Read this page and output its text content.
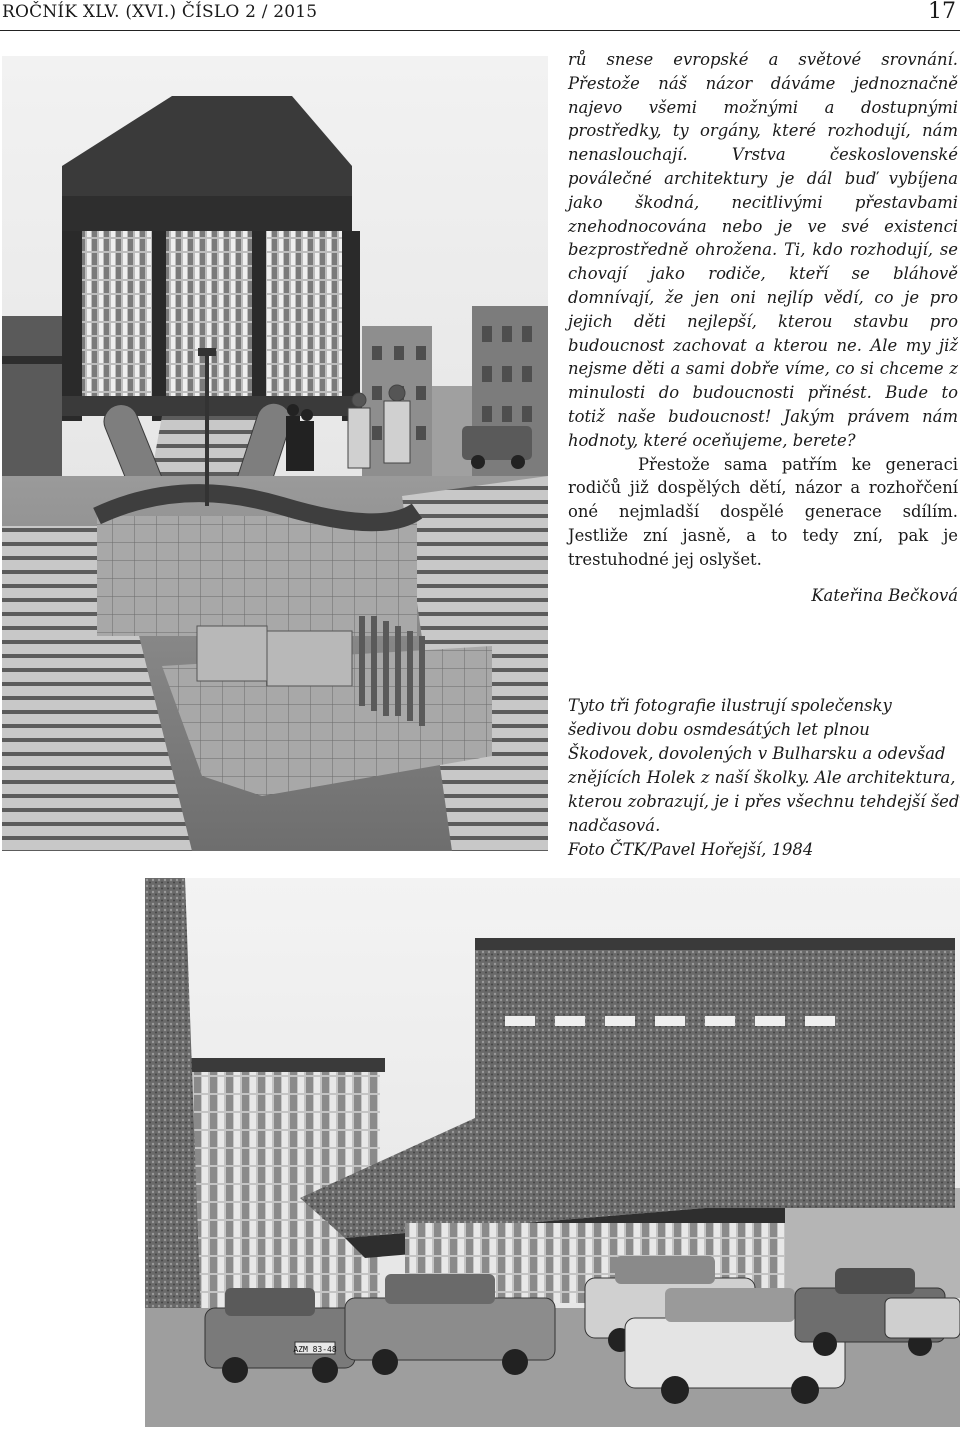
ROČNÍK XLV. (XVI.) ČÍSLO 2 / 2015	17

rů snese evropské a světové srovnání. Přestože náš názor dáváme jednoznačně najevo všemi možnými a dostupnými prostředky, ty orgány, které rozhodují, nám nenaslouchají. Vrstva československé poválečné architektury je dál buď vybíjena jako škodná, necitlivými přestavbami znehodnocována nebo je ve své existenci bezprostředně ohrožena. Ti, kdo rozhodují, se chovají jako rodiče, kteří se bláhově domnívají, že jen oni nejlíp vědí, co je pro jejich děti nejlepší, kterou stavbu pro budoucnost zachovat a kterou ne. Ale my již nejsme děti a sami dobře víme, co si chceme z minulosti do budoucnosti přinést. Bude to totiž naše budoucnost! Jakým právem nám hodnoty, které oceňujeme, berete?

Přestože sama patřím ke generaci rodičů již dospělých dětí, názor a rozhořčení oné nejmladší dospělé generace sdílím. Jestliže zní jasně, a to tedy zní, pak je trestuhodné jej oslyšet.

Kateřina Bečková

Tyto tři fotografie ilustrují společensky šedivou dobu osmdesátých let plnou Škodovek, dovolených v Bulharsku a odevšad znějících Holek z naší školky. Ale architektura, kterou zobrazují, je i přes všechnu tehdejší šeď nadčasová.

Foto ČTK/Pavel Hořejší, 1984

AZM 83-48
